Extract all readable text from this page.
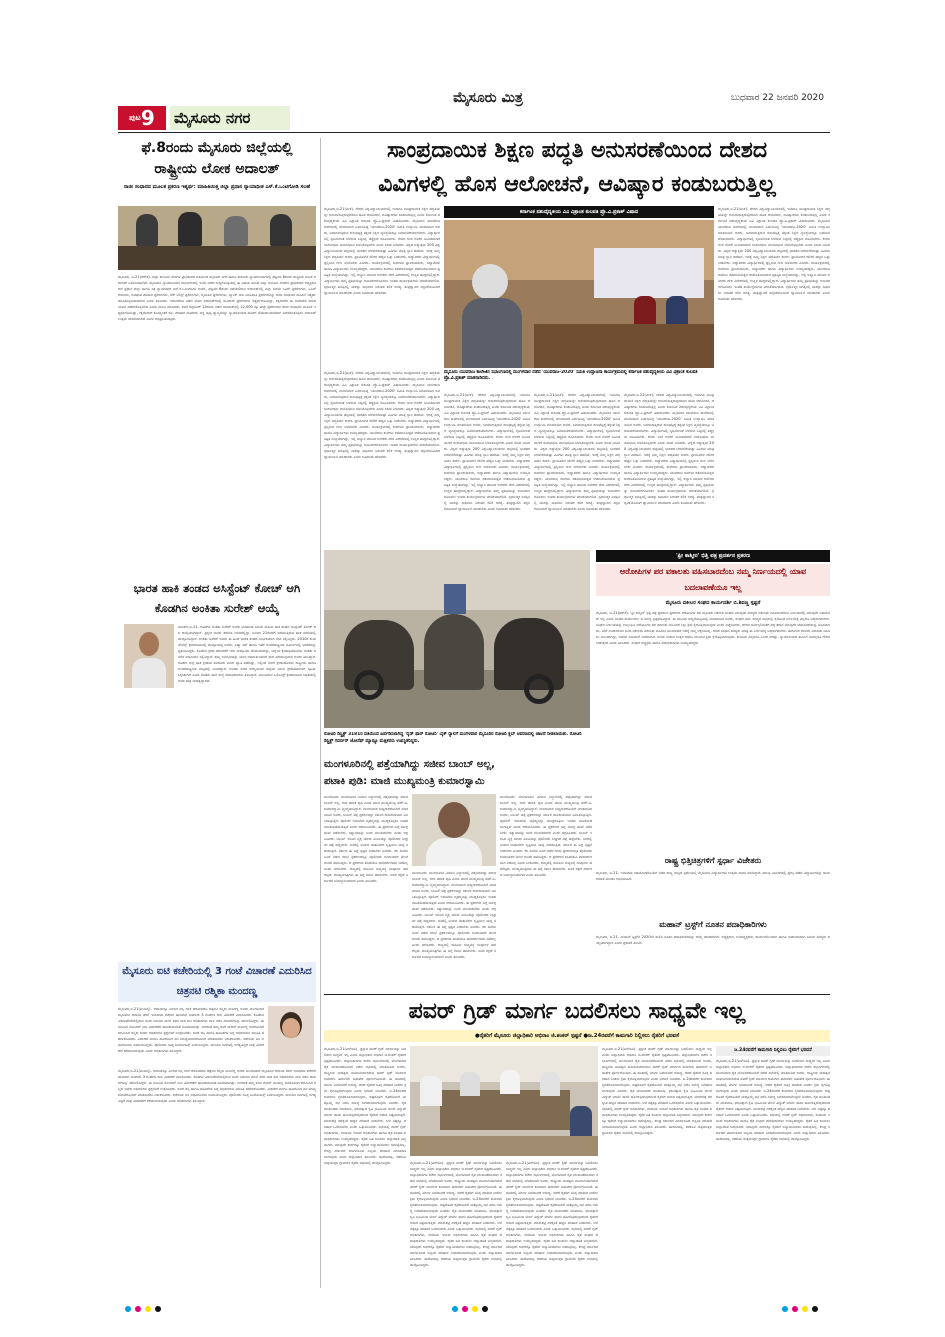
$^{ಪುಟ}$9	ಮೈಸೂರು ನಗರ
ಮೈಸೂರು ಮಿತ್ರ	ಬುಧವಾರ 22 ಜನವರಿ 2020
ಫೆ.8ರಂದು ಮೈಸೂರು ಜಿಲ್ಲೆಯಲ್ಲಿ ರಾಷ್ಟ್ರೀಯ ಲೋಕ ಅದಾಲತ್
ರಾಜೀ ಸಂಧಾನದ ಮೂಲಕ ಪ್ರಕರಣ ಇತ್ಯರ್ಥ: ಮಾಹಿತಿಯಿತ್ತ ಜಿಲ್ಲಾ ಪ್ರಧಾನ ನ್ಯಾಯಾಧೀಶ ಎಸ್.ಕೆ.ಒಂಟಿಗೋಡಿ ಸಲಹೆ
ಮೈಸೂರು, ಜ.21(ಆರ್‌ಕೆ)- ಜಿಲ್ಲಾ ಕಾನೂನು ಸೇವೆಗಳ ಪ್ರಾಧಿಕಾರದ ವತಿಯಿಂದ ಮೈಸೂರು ನಗರ ಹಾಗೂ ತಾಲೂಕು ನ್ಯಾಯಾಲಯಗಳಲ್ಲಿ ಫೆಬ್ರವರಿ 8ರಂದು ರಾಷ್ಟ್ರೀಯ ಲೋಕ ಅದಾಲತ್ ಏರ್ಪಡಿಸಲಾಗಿದೆ. ಮೈಸೂರಿನ ನ್ಯಾಯಾಲಯದ ಸಭಾಂಗಣದಲ್ಲಿ ಇಂದು ನಡೆದ ಸುದ್ದಿಗೋಷ್ಠಿಯಲ್ಲಿ ಈ ವಿಷಯ ತಿಳಿಸಿದ ಜಿಲ್ಲಾ ಕಾನೂನು ಸೇವೆಗಳ ಪ್ರಾಧಿಕಾರದ ಅಧ್ಯಕ್ಷರೂ ಆದ ಪ್ರಧಾನ ಜಿಲ್ಲಾ ಹಾಗೂ ಸತ್ರ ನ್ಯಾಯಾಧೀಶ ಎಸ್.ಕೆ.ಒಂಟಿಗೋಡಿ ಅವರು, ಫೆಬ್ರವರಿ 8ರಂದು ನಡೆಯಲಿರುವ ಅದಾಲತ್‌ನಲ್ಲಿ ಎಲ್ಲಾ ಬಗೆಯ ಸಿವಿಲ್ ಪ್ರಕರಣಗಳು, ಸಿವಿಲ್ ಕೇಸುಗಳು, ಅಪಘಾತ ಪರಿಹಾರ ಪ್ರಕರಣಗಳು, ಚೆಕ್ ಬೌನ್ಸ್ ಪ್ರಕರಣಗಳು, ವೈವಾಹಿಕ ಪ್ರಕರಣಗಳು, ಬ್ಯಾಂಕ್ ಸಾಲ ವಸೂಲಾತಿ ಪ್ರಕರಣಗಳನ್ನು ರಾಜೀ ಸಂಧಾನದ ಮೂಲಕ ಇತ್ಯರ್ಥಪಡಿಸಿಕೊಳ್ಳಬಹುದಾಗಿದೆ ಎಂದು ತಿಳಿಸಿದರು. ಇದುವರೆಗೂ ನಡೆದ ಲೋಕ ಅದಾಲತ್‌ಗಳಲ್ಲಿ ಸಾವಿರಾರು ಪ್ರಕರಣಗಳು ಇತ್ಯರ್ಥಗೊಂಡಿದ್ದು, ಕಕ್ಷಿದಾರರು ಈ ಅವಕಾಶದ ಸದುಪಯೋಗ ಪಡೆದುಕೊಳ್ಳಬೇಕು ಎಂದು ಮನವಿ ಮಾಡಿದರು. ಕಳೆದ ಸೆಪ್ಟೆಂಬರ್ 14ರಂದು ನಡೆದ ಅದಾಲತ್‌ನಲ್ಲಿ 12,000 ಕ್ಕೂ ಹೆಚ್ಚು ಪ್ರಕರಣಗಳು ರಾಜೀ ಸಂಧಾನದ ಮೂಲಕ ಇತ್ಯರ್ಥಗೊಂಡಿದ್ದು, ಕಕ್ಷಿದಾರರಿಗೆ ಕೋಟ್ಯಂತರ ರೂ. ಪರಿಹಾರ ದೊರಕಿದೆ. ಸಣ್ಣ ಪುಟ್ಟ ವ್ಯಾಜ್ಯಗಳನ್ನು ನ್ಯಾಯಾಲಯದ ಹೊರಗೆ ಸೌಹಾರ್ದಯುತವಾಗಿ ಬಗೆಹರಿಸಿಕೊಳ್ಳಲು ಅದಾಲತ್ ಉತ್ತಮ ವೇದಿಕೆಯಾಗಿದೆ ಎಂದು ಅಭಿಪ್ರಾಯಪಟ್ಟರು.
ಭಾರತ ಹಾಕಿ ತಂಡದ ಅಸಿಸ್ಟೆಂಟ್ ಕೋಚ್ ಆಗಿ ಕೊಡಗಿನ ಅಂಕಿತಾ ಸುರೇಶ್ ಆಯ್ಕೆ
ಮಡಿಕೇರಿ,ಜ.21- ಕೊಡಗಿನ ಅಂಕಿತಾ ಸುರೇಶ್ ಅವರು ಭಾರತೀಯ ಹಿರಿಯ ಮಹಿಳಾ ಹಾಕಿ ತಂಡದ ಅಸಿಸ್ಟೆಂಟ್ ಕೋಚ್ ಆಗಿ ಆಯ್ಕೆಯಾಗಿದ್ದಾರೆ. ಪ್ರಸ್ತುತ ಅವರು ತರಬೇತಿ ಶಿಬಿರದಲ್ಲಿದ್ದು, ಜನವರಿ 21ರವರೆಗೆ ನಡೆಯುತ್ತಿರುವ ಹಾಕಿ ಸರಣಿಯಲ್ಲಿ ಪಾಲ್ಗೊಂಡಿದ್ದಾರೆ. ಅಂಕಿತಾ ಸುರೇಶ್ ಅವರು ಈ ಹಿಂದೆ ಭಾರತ ತಂಡದ ನಾಯಕಿಯಾಗಿ ಸೇವೆ ಸಲ್ಲಿಸಿದ್ದರು. 2010ರ ಕಾಮನ್‌ವೆಲ್ತ್ ಕ್ರೀಡಾಕೂಟದಲ್ಲಿ ಪಾಲ್ಗೊಂಡಿದ್ದ ಅವರು, ಏಷ್ಯಾ ಕಪ್ ಹಾಗೂ ಇತರೆ ಅಂತರರಾಷ್ಟ್ರೀಯ ಟೂರ್ನಿಗಳಲ್ಲಿ ಭಾರತವನ್ನು ಪ್ರತಿನಿಧಿಸಿದ್ದರು. ಕೊಡಗಿನ ಕ್ರೀಡಾ ಪರಂಪರೆಗೆ ಇದು ಮತ್ತೊಂದು ಗರಿಮೆಯಾಗಿದ್ದು, ಜಿಲ್ಲೆಯ ಕ್ರೀಡಾಭಿಮಾನಿಗಳು ಅಂಕಿತಾ ಅವರಿಗೆ ಅಭಿನಂದನೆ ಸಲ್ಲಿಸಿದ್ದಾರೆ. ತಮ್ಮ ಅನುಭವವನ್ನು ಯುವ ಆಟಗಾರ್ತಿಯರಿಗೆ ಧಾರೆ ಎರೆಯುವುದಾಗಿ ಅವರು ತಿಳಿಸಿದ್ದಾರೆ. ಕೊಡಗು ಜಿಲ್ಲೆ ಹಾಕಿ ಕ್ರೀಡೆಯ ತವರೂರು ಎಂದೇ ಖ್ಯಾತಿ ಪಡೆದಿದ್ದು, ಇಲ್ಲಿಂದ ಅನೇಕ ಕ್ರೀಡಾಪಟುಗಳು ರಾಷ್ಟ್ರೀಯ ಹಾಗೂ ಅಂತರರಾಷ್ಟ್ರೀಯ ಮಟ್ಟದಲ್ಲಿ ಮಿಂಚಿದ್ದಾರೆ. ಅಂಕಿತಾ ಅವರ ಆಯ್ಕೆಯಿಂದ ಜಿಲ್ಲೆಯ ಯುವ ಕ್ರೀಡಾಪಟುಗಳಿಗೆ ಸ್ಫೂರ್ತಿ ಸಿಕ್ಕಂತಾಗಿದೆ ಎಂದು ಕೊಡಗು ಹಾಕಿ ಸಂಸ್ಥೆ ಪದಾಧಿಕಾರಿಗಳು ತಿಳಿಸಿದ್ದಾರೆ. ಮುಂಬರುವ ಒಲಿಂಪಿಕ್ಸ್ ಕ್ರೀಡಾಕೂಟದ ಸಿದ್ಧತೆಯಲ್ಲಿ ಅವರ ಪಾತ್ರ ಮಹತ್ವದ್ದಾಗಿದೆ.
ಮೈಸೂರು ಐಟಿ ಕಚೇರಿಯಲ್ಲಿ 3 ಗಂಟೆ ವಿಚಾರಣೆ ಎದುರಿಸಿದ ಚಿತ್ರನಟಿ ರಶ್ಮಿಕಾ ಮಂದಣ್ಣ
ಮೈಸೂರು,ಜ.21(ಎಂಟಿವೈ)- ಆದಾಯಕ್ಕೂ ಮೀರಿದ ಆಸ್ತಿ ಗಳಿಕೆ ಆರೋಪದಡಿ ಚಿತ್ರನಟಿ ರಶ್ಮಿಕಾ ಮಂದಣ್ಣ ಅವರು ಮಂಗಳವಾರ ಮೈಸೂರಿನ ಆದಾಯ ತೆರಿಗೆ ಇಲಾಖೆಯ ಕಚೇರಿಗೆ ಹಾಜರಾಗಿ ಸುಮಾರು 3 ಗಂಟೆಗಳ ಕಾಲ ವಿಚಾರಣೆ ಎದುರಿಸಿದರು. ಕೊಡಗಿನ ವಿರಾಜಪೇಟೆಯಲ್ಲಿರುವ ಅವರ ನಿವಾಸದ ಮೇಲೆ ಕಳೆದ ವಾರ ಐಟಿ ಅಧಿಕಾರಿಗಳು ದಾಳಿ ನಡೆಸಿ ದಾಖಲೆಗಳನ್ನು ಪರಿಶೀಲಿಸಿದ್ದರು. ಈ ಸಂಬಂಧ ನೋಟೀಸ್ ನೀಡಿ ವಿಚಾರಣೆಗೆ ಹಾಜರಾಗುವಂತೆ ಸೂಚಿಸಲಾಗಿತ್ತು. ಅದರಂತೆ ತಮ್ಮ ತಂದೆ ಮದನ್ ಮಂದಣ್ಣ ಅವರೊಂದಿಗೆ ಆಗಮಿಸಿದ ರಶ್ಮಿಕಾ ಅವರು ಅಧಿಕಾರಿಗಳ ಪ್ರಶ್ನೆಗಳಿಗೆ ಉತ್ತರಿಸಿದರು. ಅವರ ಆಸ್ತಿ ಹಾಗೂ ಹೂಡಿಕೆಗಳ ಬಗ್ಗೆ ಅಧಿಕಾರಿಗಳು ಮಾಹಿತಿ ಪಡೆದುಕೊಂಡರು. ವಿಚಾರಣೆ ಮುಗಿಸಿ ಹೊರಬಂದ ನಟಿ ಮಾಧ್ಯಮದವರೊಂದಿಗೆ ಮಾತನಾಡಲು ನಿರಾಕರಿಸಿದರು. ಕಚೇರಿಯ ಬಳಿ ಅಭಿಮಾನಿಗಳು ಜಮಾಯಿಸಿದ್ದರು. ಪೊಲೀಸರು ಸೂಕ್ತ ಬಂದೋಬಸ್ತ್ ಏರ್ಪಡಿಸಿದ್ದರು. ಮುಂದಿನ ದಿನಗಳಲ್ಲಿ ಅಗತ್ಯವಿದ್ದರೆ ಮತ್ತೆ ವಿಚಾರಣೆಗೆ ಕರೆಯಲಾಗುವುದು ಎಂದು ಅಧಿಕಾರಿಗಳು ತಿಳಿಸಿದ್ದಾರೆ.
ಮೈಸೂರು,ಜ.21(ಎಂಟಿವೈ)- ಆದಾಯಕ್ಕೂ ಮೀರಿದ ಆಸ್ತಿ ಗಳಿಕೆ ಆರೋಪದಡಿ ಚಿತ್ರನಟಿ ರಶ್ಮಿಕಾ ಮಂದಣ್ಣ ಅವರು ಮಂಗಳವಾರ ಮೈಸೂರಿನ ಆದಾಯ ತೆರಿಗೆ ಇಲಾಖೆಯ ಕಚೇರಿಗೆ ಹಾಜರಾಗಿ ಸುಮಾರು 3 ಗಂಟೆಗಳ ಕಾಲ ವಿಚಾರಣೆ ಎದುರಿಸಿದರು. ಕೊಡಗಿನ ವಿರಾಜಪೇಟೆಯಲ್ಲಿರುವ ಅವರ ನಿವಾಸದ ಮೇಲೆ ಕಳೆದ ವಾರ ಐಟಿ ಅಧಿಕಾರಿಗಳು ದಾಳಿ ನಡೆಸಿ ದಾಖಲೆಗಳನ್ನು ಪರಿಶೀಲಿಸಿದ್ದರು. ಈ ಸಂಬಂಧ ನೋಟೀಸ್ ನೀಡಿ ವಿಚಾರಣೆಗೆ ಹಾಜರಾಗುವಂತೆ ಸೂಚಿಸಲಾಗಿತ್ತು. ಅದರಂತೆ ತಮ್ಮ ತಂದೆ ಮದನ್ ಮಂದಣ್ಣ ಅವರೊಂದಿಗೆ ಆಗಮಿಸಿದ ರಶ್ಮಿಕಾ ಅವರು ಅಧಿಕಾರಿಗಳ ಪ್ರಶ್ನೆಗಳಿಗೆ ಉತ್ತರಿಸಿದರು. ಅವರ ಆಸ್ತಿ ಹಾಗೂ ಹೂಡಿಕೆಗಳ ಬಗ್ಗೆ ಅಧಿಕಾರಿಗಳು ಮಾಹಿತಿ ಪಡೆದುಕೊಂಡರು. ವಿಚಾರಣೆ ಮುಗಿಸಿ ಹೊರಬಂದ ನಟಿ ಮಾಧ್ಯಮದವರೊಂದಿಗೆ ಮಾತನಾಡಲು ನಿರಾಕರಿಸಿದರು. ಕಚೇರಿಯ ಬಳಿ ಅಭಿಮಾನಿಗಳು ಜಮಾಯಿಸಿದ್ದರು. ಪೊಲೀಸರು ಸೂಕ್ತ ಬಂದೋಬಸ್ತ್ ಏರ್ಪಡಿಸಿದ್ದರು. ಮುಂದಿನ ದಿನಗಳಲ್ಲಿ ಅಗತ್ಯವಿದ್ದರೆ ಮತ್ತೆ ವಿಚಾರಣೆಗೆ ಕರೆಯಲಾಗುವುದು ಎಂದು ಅಧಿಕಾರಿಗಳು ತಿಳಿಸಿದ್ದಾರೆ.
ಸಾಂಪ್ರದಾಯಿಕ ಶಿಕ್ಷಣ ಪದ್ಧತಿ ಅನುಸರಣೆಯಿಂದ ದೇಶದ
ವಿವಿಗಳಲ್ಲಿ ಹೊಸ ಆಲೋಚನೆ, ಆವಿಷ್ಕಾರ ಕಂಡುಬರುತ್ತಿಲ್ಲ
ಮೈಸೂರು,ಜ.21(ಎಂಕೆ)- ದೇಶದ ವಿಶ್ವವಿದ್ಯಾನಿಲಯಗಳಲ್ಲಿ ಇಂದಿಗೂ ಸಾಂಪ್ರದಾಯಿಕ ಶಿಕ್ಷಣ ಪದ್ಧತಿಯನ್ನೇ ಅನುಸರಿಸುತ್ತಿರುವುದರಿಂದ ಹೊಸ ಆಲೋಚನೆ, ಆವಿಷ್ಕಾರಗಳು ಕಂಡುಬರುತ್ತಿಲ್ಲ ಎಂದು ಕರ್ನಾಟಕ ಪಶುವೈದ್ಯಕೀಯ ವಿವಿ ವಿಶ್ರಾಂತ ಕುಲಪತಿ ಪ್ರೊ.ವಿ.ಪ್ರಕಾಶ್ ವಿಷಾದಿಸಿದರು. ಮೈಸೂರಿನ ಯುವರಾಜ ಕಾಲೇಜಿನಲ್ಲಿ ಮಂಗಳವಾರ ಏರ್ಪಡಿಸಿದ್ದ 'ಯುವರಾಜ-2020' ಸಮಿತಿ ಉದ್ಘಾಟಿಸಿ ಮಾತನಾಡಿದ ಅವರು, ಬದಲಾಗುತ್ತಿರುವ ಕಾಲಘಟ್ಟಕ್ಕೆ ತಕ್ಕಂತೆ ಶಿಕ್ಷಣ ವ್ಯವಸ್ಥೆಯಲ್ಲೂ ಬದಲಾವಣೆಯಾಗಬೇಕು. ವಿದ್ಯಾರ್ಥಿಗಳಲ್ಲಿ ಸೃಜನಶೀಲತೆ ಬೆಳೆಸುವ ನಿಟ್ಟಿನಲ್ಲಿ ಪಠ್ಯಕ್ರಮ ರೂಪಿಸಬೇಕು. ಕೇವಲ ಅಂಕ ಗಳಿಕೆಗೆ ಸೀಮಿತವಾಗದೆ ಸಂಶೋಧನಾ ಮನೋಭಾವ ಬೆಳೆಸಿಕೊಳ್ಳಬೇಕು ಎಂದು ಸಲಹೆ ನೀಡಿದರು. ವಿಶ್ವದ ಅತ್ಯುತ್ತಮ 200 ವಿಶ್ವವಿದ್ಯಾನಿಲಯಗಳ ಪಟ್ಟಿಯಲ್ಲಿ ಭಾರತದ ಬೆರಳೆಣಿಕೆಯಷ್ಟು ವಿವಿಗಳು ಮಾತ್ರ ಸ್ಥಾನ ಪಡೆದಿವೆ. ಇದಕ್ಕೆ ನಮ್ಮ ಶಿಕ್ಷಣ ಪದ್ಧತಿಯೇ ಕಾರಣ. ಪ್ರಾಯೋಗಿಕ ಕಲಿಕೆಗೆ ಹೆಚ್ಚಿನ ಒತ್ತು ನೀಡಬೇಕು. ಅಧ್ಯಾಪಕರು ವಿದ್ಯಾರ್ಥಿಗಳಲ್ಲಿ ಪ್ರಶ್ನಿಸುವ ಗುಣ ಬೆಳೆಸಬೇಕು ಎಂದರು. ಕಾರ್ಯಕ್ರಮದಲ್ಲಿ ಕಾಲೇಜಿನ ಪ್ರಾಂಶುಪಾಲರು, ಅಧ್ಯಾಪಕರು ಹಾಗೂ ವಿದ್ಯಾರ್ಥಿಗಳು ಉಪಸ್ಥಿತರಿದ್ದರು. ಯುವರಾಜ ಕಾಲೇಜು ಶತಮಾನೋತ್ಸವ ಆಚರಿಸಿಕೊಂಡಿರುವ ಪ್ರತಿಷ್ಠಿತ ಸಂಸ್ಥೆಯಾಗಿದ್ದು, ಇಲ್ಲಿ ಅಭ್ಯಾಸ ಮಾಡಿದ ಅನೇಕರು ದೇಶ ವಿದೇಶಗಳಲ್ಲಿ ಉನ್ನತ ಹುದ್ದೆಗಳಲ್ಲಿದ್ದಾರೆ. ವಿದ್ಯಾರ್ಥಿಗಳು ತಮ್ಮ ಪ್ರತಿಭೆಯನ್ನು ಅನಾವರಣಗೊಳಿಸಲು ಇಂತಹ ಕಾರ್ಯಕ್ರಮಗಳು ವೇದಿಕೆಯಾಗಲಿವೆ. ಸ್ಪರ್ಧಾತ್ಮಕ ಜಗತ್ತಿನಲ್ಲಿ ಯಶಸ್ಸು ಸಾಧಿಸಲು ನಿರಂತರ ಕಲಿಕೆ ಅಗತ್ಯ. ತಂತ್ರಜ್ಞಾನದ ಸದ್ಬಳಕೆಯೊಂದಿಗೆ ಜ್ಞಾನಾರ್ಜನೆ ಮಾಡಬೇಕು ಎಂದು ಕಿವಿಮಾತು ಹೇಳಿದರು.
ಕರ್ನಾಟಕ ಪಶುವೈದ್ಯಕೀಯ ವಿವಿ ವಿಶ್ರಾಂತ ಕುಲಪತಿ ಪ್ರೊ.ವಿ.ಪ್ರಕಾಶ್ ವಿಷಾದ
ಮೈಸೂರು ಯುವರಾಜ ಕಾಲೇಜಿನ ಸಭಾಂಗಣದಲ್ಲಿ ಮಂಗಳವಾರ ನಡೆದ 'ಯುವರಾಜ-2020' ಸಮಿತಿ ಉದ್ಘಾಟನಾ ಕಾರ್ಯಕ್ರಮದಲ್ಲಿ ಕರ್ನಾಟಕ ಪಶುವೈದ್ಯಕೀಯ ವಿವಿ ವಿಶ್ರಾಂತ ಕುಲಪತಿ ಪ್ರೊ.ವಿ.ಪ್ರಕಾಶ್ ಮಾತನಾಡಿದರು.
ಮೈಸೂರು,ಜ.21(ಎಂಕೆ)- ದೇಶದ ವಿಶ್ವವಿದ್ಯಾನಿಲಯಗಳಲ್ಲಿ ಇಂದಿಗೂ ಸಾಂಪ್ರದಾಯಿಕ ಶಿಕ್ಷಣ ಪದ್ಧತಿಯನ್ನೇ ಅನುಸರಿಸುತ್ತಿರುವುದರಿಂದ ಹೊಸ ಆಲೋಚನೆ, ಆವಿಷ್ಕಾರಗಳು ಕಂಡುಬರುತ್ತಿಲ್ಲ ಎಂದು ಕರ್ನಾಟಕ ಪಶುವೈದ್ಯಕೀಯ ವಿವಿ ವಿಶ್ರಾಂತ ಕುಲಪತಿ ಪ್ರೊ.ವಿ.ಪ್ರಕಾಶ್ ವಿಷಾದಿಸಿದರು. ಮೈಸೂರಿನ ಯುವರಾಜ ಕಾಲೇಜಿನಲ್ಲಿ ಮಂಗಳವಾರ ಏರ್ಪಡಿಸಿದ್ದ 'ಯುವರಾಜ-2020' ಸಮಿತಿ ಉದ್ಘಾಟಿಸಿ ಮಾತನಾಡಿದ ಅವರು, ಬದಲಾಗುತ್ತಿರುವ ಕಾಲಘಟ್ಟಕ್ಕೆ ತಕ್ಕಂತೆ ಶಿಕ್ಷಣ ವ್ಯವಸ್ಥೆಯಲ್ಲೂ ಬದಲಾವಣೆಯಾಗಬೇಕು. ವಿದ್ಯಾರ್ಥಿಗಳಲ್ಲಿ ಸೃಜನಶೀಲತೆ ಬೆಳೆಸುವ ನಿಟ್ಟಿನಲ್ಲಿ ಪಠ್ಯಕ್ರಮ ರೂಪಿಸಬೇಕು. ಕೇವಲ ಅಂಕ ಗಳಿಕೆಗೆ ಸೀಮಿತವಾಗದೆ ಸಂಶೋಧನಾ ಮನೋಭಾವ ಬೆಳೆಸಿಕೊಳ್ಳಬೇಕು ಎಂದು ಸಲಹೆ ನೀಡಿದರು. ವಿಶ್ವದ ಅತ್ಯುತ್ತಮ 200 ವಿಶ್ವವಿದ್ಯಾನಿಲಯಗಳ ಪಟ್ಟಿಯಲ್ಲಿ ಭಾರತದ ಬೆರಳೆಣಿಕೆಯಷ್ಟು ವಿವಿಗಳು ಮಾತ್ರ ಸ್ಥಾನ ಪಡೆದಿವೆ. ಇದಕ್ಕೆ ನಮ್ಮ ಶಿಕ್ಷಣ ಪದ್ಧತಿಯೇ ಕಾರಣ. ಪ್ರಾಯೋಗಿಕ ಕಲಿಕೆಗೆ ಹೆಚ್ಚಿನ ಒತ್ತು ನೀಡಬೇಕು. ಅಧ್ಯಾಪಕರು ವಿದ್ಯಾರ್ಥಿಗಳಲ್ಲಿ ಪ್ರಶ್ನಿಸುವ ಗುಣ ಬೆಳೆಸಬೇಕು ಎಂದರು. ಕಾರ್ಯಕ್ರಮದಲ್ಲಿ ಕಾಲೇಜಿನ ಪ್ರಾಂಶುಪಾಲರು, ಅಧ್ಯಾಪಕರು ಹಾಗೂ ವಿದ್ಯಾರ್ಥಿಗಳು ಉಪಸ್ಥಿತರಿದ್ದರು. ಯುವರಾಜ ಕಾಲೇಜು ಶತಮಾನೋತ್ಸವ ಆಚರಿಸಿಕೊಂಡಿರುವ ಪ್ರತಿಷ್ಠಿತ ಸಂಸ್ಥೆಯಾಗಿದ್ದು, ಇಲ್ಲಿ ಅಭ್ಯಾಸ ಮಾಡಿದ ಅನೇಕರು ದೇಶ ವಿದೇಶಗಳಲ್ಲಿ ಉನ್ನತ ಹುದ್ದೆಗಳಲ್ಲಿದ್ದಾರೆ. ವಿದ್ಯಾರ್ಥಿಗಳು ತಮ್ಮ ಪ್ರತಿಭೆಯನ್ನು ಅನಾವರಣಗೊಳಿಸಲು ಇಂತಹ ಕಾರ್ಯಕ್ರಮಗಳು ವೇದಿಕೆಯಾಗಲಿವೆ. ಸ್ಪರ್ಧಾತ್ಮಕ ಜಗತ್ತಿನಲ್ಲಿ ಯಶಸ್ಸು ಸಾಧಿಸಲು ನಿರಂತರ ಕಲಿಕೆ ಅಗತ್ಯ. ತಂತ್ರಜ್ಞಾನದ ಸದ್ಬಳಕೆಯೊಂದಿಗೆ ಜ್ಞಾನಾರ್ಜನೆ ಮಾಡಬೇಕು ಎಂದು ಕಿವಿಮಾತು ಹೇಳಿದರು.
ಮೈಸೂರು,ಜ.21(ಎಂಕೆ)- ದೇಶದ ವಿಶ್ವವಿದ್ಯಾನಿಲಯಗಳಲ್ಲಿ ಇಂದಿಗೂ ಸಾಂಪ್ರದಾಯಿಕ ಶಿಕ್ಷಣ ಪದ್ಧತಿಯನ್ನೇ ಅನುಸರಿಸುತ್ತಿರುವುದರಿಂದ ಹೊಸ ಆಲೋಚನೆ, ಆವಿಷ್ಕಾರಗಳು ಕಂಡುಬರುತ್ತಿಲ್ಲ ಎಂದು ಕರ್ನಾಟಕ ಪಶುವೈದ್ಯಕೀಯ ವಿವಿ ವಿಶ್ರಾಂತ ಕುಲಪತಿ ಪ್ರೊ.ವಿ.ಪ್ರಕಾಶ್ ವಿಷಾದಿಸಿದರು. ಮೈಸೂರಿನ ಯುವರಾಜ ಕಾಲೇಜಿನಲ್ಲಿ ಮಂಗಳವಾರ ಏರ್ಪಡಿಸಿದ್ದ 'ಯುವರಾಜ-2020' ಸಮಿತಿ ಉದ್ಘಾಟಿಸಿ ಮಾತನಾಡಿದ ಅವರು, ಬದಲಾಗುತ್ತಿರುವ ಕಾಲಘಟ್ಟಕ್ಕೆ ತಕ್ಕಂತೆ ಶಿಕ್ಷಣ ವ್ಯವಸ್ಥೆಯಲ್ಲೂ ಬದಲಾವಣೆಯಾಗಬೇಕು. ವಿದ್ಯಾರ್ಥಿಗಳಲ್ಲಿ ಸೃಜನಶೀಲತೆ ಬೆಳೆಸುವ ನಿಟ್ಟಿನಲ್ಲಿ ಪಠ್ಯಕ್ರಮ ರೂಪಿಸಬೇಕು. ಕೇವಲ ಅಂಕ ಗಳಿಕೆಗೆ ಸೀಮಿತವಾಗದೆ ಸಂಶೋಧನಾ ಮನೋಭಾವ ಬೆಳೆಸಿಕೊಳ್ಳಬೇಕು ಎಂದು ಸಲಹೆ ನೀಡಿದರು. ವಿಶ್ವದ ಅತ್ಯುತ್ತಮ 200 ವಿಶ್ವವಿದ್ಯಾನಿಲಯಗಳ ಪಟ್ಟಿಯಲ್ಲಿ ಭಾರತದ ಬೆರಳೆಣಿಕೆಯಷ್ಟು ವಿವಿಗಳು ಮಾತ್ರ ಸ್ಥಾನ ಪಡೆದಿವೆ. ಇದಕ್ಕೆ ನಮ್ಮ ಶಿಕ್ಷಣ ಪದ್ಧತಿಯೇ ಕಾರಣ. ಪ್ರಾಯೋಗಿಕ ಕಲಿಕೆಗೆ ಹೆಚ್ಚಿನ ಒತ್ತು ನೀಡಬೇಕು. ಅಧ್ಯಾಪಕರು ವಿದ್ಯಾರ್ಥಿಗಳಲ್ಲಿ ಪ್ರಶ್ನಿಸುವ ಗುಣ ಬೆಳೆಸಬೇಕು ಎಂದರು. ಕಾರ್ಯಕ್ರಮದಲ್ಲಿ ಕಾಲೇಜಿನ ಪ್ರಾಂಶುಪಾಲರು, ಅಧ್ಯಾಪಕರು ಹಾಗೂ ವಿದ್ಯಾರ್ಥಿಗಳು ಉಪಸ್ಥಿತರಿದ್ದರು. ಯುವರಾಜ ಕಾಲೇಜು ಶತಮಾನೋತ್ಸವ ಆಚರಿಸಿಕೊಂಡಿರುವ ಪ್ರತಿಷ್ಠಿತ ಸಂಸ್ಥೆಯಾಗಿದ್ದು, ಇಲ್ಲಿ ಅಭ್ಯಾಸ ಮಾಡಿದ ಅನೇಕರು ದೇಶ ವಿದೇಶಗಳಲ್ಲಿ ಉನ್ನತ ಹುದ್ದೆಗಳಲ್ಲಿದ್ದಾರೆ. ವಿದ್ಯಾರ್ಥಿಗಳು ತಮ್ಮ ಪ್ರತಿಭೆಯನ್ನು ಅನಾವರಣಗೊಳಿಸಲು ಇಂತಹ ಕಾರ್ಯಕ್ರಮಗಳು ವೇದಿಕೆಯಾಗಲಿವೆ. ಸ್ಪರ್ಧಾತ್ಮಕ ಜಗತ್ತಿನಲ್ಲಿ ಯಶಸ್ಸು ಸಾಧಿಸಲು ನಿರಂತರ ಕಲಿಕೆ ಅಗತ್ಯ. ತಂತ್ರಜ್ಞಾನದ ಸದ್ಬಳಕೆಯೊಂದಿಗೆ ಜ್ಞಾನಾರ್ಜನೆ ಮಾಡಬೇಕು ಎಂದು ಕಿವಿಮಾತು ಹೇಳಿದರು.
ಮೈಸೂರು,ಜ.21(ಎಂಕೆ)- ದೇಶದ ವಿಶ್ವವಿದ್ಯಾನಿಲಯಗಳಲ್ಲಿ ಇಂದಿಗೂ ಸಾಂಪ್ರದಾಯಿಕ ಶಿಕ್ಷಣ ಪದ್ಧತಿಯನ್ನೇ ಅನುಸರಿಸುತ್ತಿರುವುದರಿಂದ ಹೊಸ ಆಲೋಚನೆ, ಆವಿಷ್ಕಾರಗಳು ಕಂಡುಬರುತ್ತಿಲ್ಲ ಎಂದು ಕರ್ನಾಟಕ ಪಶುವೈದ್ಯಕೀಯ ವಿವಿ ವಿಶ್ರಾಂತ ಕುಲಪತಿ ಪ್ರೊ.ವಿ.ಪ್ರಕಾಶ್ ವಿಷಾದಿಸಿದರು. ಮೈಸೂರಿನ ಯುವರಾಜ ಕಾಲೇಜಿನಲ್ಲಿ ಮಂಗಳವಾರ ಏರ್ಪಡಿಸಿದ್ದ 'ಯುವರಾಜ-2020' ಸಮಿತಿ ಉದ್ಘಾಟಿಸಿ ಮಾತನಾಡಿದ ಅವರು, ಬದಲಾಗುತ್ತಿರುವ ಕಾಲಘಟ್ಟಕ್ಕೆ ತಕ್ಕಂತೆ ಶಿಕ್ಷಣ ವ್ಯವಸ್ಥೆಯಲ್ಲೂ ಬದಲಾವಣೆಯಾಗಬೇಕು. ವಿದ್ಯಾರ್ಥಿಗಳಲ್ಲಿ ಸೃಜನಶೀಲತೆ ಬೆಳೆಸುವ ನಿಟ್ಟಿನಲ್ಲಿ ಪಠ್ಯಕ್ರಮ ರೂಪಿಸಬೇಕು. ಕೇವಲ ಅಂಕ ಗಳಿಕೆಗೆ ಸೀಮಿತವಾಗದೆ ಸಂಶೋಧನಾ ಮನೋಭಾವ ಬೆಳೆಸಿಕೊಳ್ಳಬೇಕು ಎಂದು ಸಲಹೆ ನೀಡಿದರು. ವಿಶ್ವದ ಅತ್ಯುತ್ತಮ 200 ವಿಶ್ವವಿದ್ಯಾನಿಲಯಗಳ ಪಟ್ಟಿಯಲ್ಲಿ ಭಾರತದ ಬೆರಳೆಣಿಕೆಯಷ್ಟು ವಿವಿಗಳು ಮಾತ್ರ ಸ್ಥಾನ ಪಡೆದಿವೆ. ಇದಕ್ಕೆ ನಮ್ಮ ಶಿಕ್ಷಣ ಪದ್ಧತಿಯೇ ಕಾರಣ. ಪ್ರಾಯೋಗಿಕ ಕಲಿಕೆಗೆ ಹೆಚ್ಚಿನ ಒತ್ತು ನೀಡಬೇಕು. ಅಧ್ಯಾಪಕರು ವಿದ್ಯಾರ್ಥಿಗಳಲ್ಲಿ ಪ್ರಶ್ನಿಸುವ ಗುಣ ಬೆಳೆಸಬೇಕು ಎಂದರು. ಕಾರ್ಯಕ್ರಮದಲ್ಲಿ ಕಾಲೇಜಿನ ಪ್ರಾಂಶುಪಾಲರು, ಅಧ್ಯಾಪಕರು ಹಾಗೂ ವಿದ್ಯಾರ್ಥಿಗಳು ಉಪಸ್ಥಿತರಿದ್ದರು. ಯುವರಾಜ ಕಾಲೇಜು ಶತಮಾನೋತ್ಸವ ಆಚರಿಸಿಕೊಂಡಿರುವ ಪ್ರತಿಷ್ಠಿತ ಸಂಸ್ಥೆಯಾಗಿದ್ದು, ಇಲ್ಲಿ ಅಭ್ಯಾಸ ಮಾಡಿದ ಅನೇಕರು ದೇಶ ವಿದೇಶಗಳಲ್ಲಿ ಉನ್ನತ ಹುದ್ದೆಗಳಲ್ಲಿದ್ದಾರೆ. ವಿದ್ಯಾರ್ಥಿಗಳು ತಮ್ಮ ಪ್ರತಿಭೆಯನ್ನು ಅನಾವರಣಗೊಳಿಸಲು ಇಂತಹ ಕಾರ್ಯಕ್ರಮಗಳು ವೇದಿಕೆಯಾಗಲಿವೆ. ಸ್ಪರ್ಧಾತ್ಮಕ ಜಗತ್ತಿನಲ್ಲಿ ಯಶಸ್ಸು ಸಾಧಿಸಲು ನಿರಂತರ ಕಲಿಕೆ ಅಗತ್ಯ. ತಂತ್ರಜ್ಞಾನದ ಸದ್ಬಳಕೆಯೊಂದಿಗೆ ಜ್ಞಾನಾರ್ಜನೆ ಮಾಡಬೇಕು ಎಂದು ಕಿವಿಮಾತು ಹೇಳಿದರು.
ಮೈಸೂರು,ಜ.21(ಎಂಕೆ)- ದೇಶದ ವಿಶ್ವವಿದ್ಯಾನಿಲಯಗಳಲ್ಲಿ ಇಂದಿಗೂ ಸಾಂಪ್ರದಾಯಿಕ ಶಿಕ್ಷಣ ಪದ್ಧತಿಯನ್ನೇ ಅನುಸರಿಸುತ್ತಿರುವುದರಿಂದ ಹೊಸ ಆಲೋಚನೆ, ಆವಿಷ್ಕಾರಗಳು ಕಂಡುಬರುತ್ತಿಲ್ಲ ಎಂದು ಕರ್ನಾಟಕ ಪಶುವೈದ್ಯಕೀಯ ವಿವಿ ವಿಶ್ರಾಂತ ಕುಲಪತಿ ಪ್ರೊ.ವಿ.ಪ್ರಕಾಶ್ ವಿಷಾದಿಸಿದರು. ಮೈಸೂರಿನ ಯುವರಾಜ ಕಾಲೇಜಿನಲ್ಲಿ ಮಂಗಳವಾರ ಏರ್ಪಡಿಸಿದ್ದ 'ಯುವರಾಜ-2020' ಸಮಿತಿ ಉದ್ಘಾಟಿಸಿ ಮಾತನಾಡಿದ ಅವರು, ಬದಲಾಗುತ್ತಿರುವ ಕಾಲಘಟ್ಟಕ್ಕೆ ತಕ್ಕಂತೆ ಶಿಕ್ಷಣ ವ್ಯವಸ್ಥೆಯಲ್ಲೂ ಬದಲಾವಣೆಯಾಗಬೇಕು. ವಿದ್ಯಾರ್ಥಿಗಳಲ್ಲಿ ಸೃಜನಶೀಲತೆ ಬೆಳೆಸುವ ನಿಟ್ಟಿನಲ್ಲಿ ಪಠ್ಯಕ್ರಮ ರೂಪಿಸಬೇಕು. ಕೇವಲ ಅಂಕ ಗಳಿಕೆಗೆ ಸೀಮಿತವಾಗದೆ ಸಂಶೋಧನಾ ಮನೋಭಾವ ಬೆಳೆಸಿಕೊಳ್ಳಬೇಕು ಎಂದು ಸಲಹೆ ನೀಡಿದರು. ವಿಶ್ವದ ಅತ್ಯುತ್ತಮ 200 ವಿಶ್ವವಿದ್ಯಾನಿಲಯಗಳ ಪಟ್ಟಿಯಲ್ಲಿ ಭಾರತದ ಬೆರಳೆಣಿಕೆಯಷ್ಟು ವಿವಿಗಳು ಮಾತ್ರ ಸ್ಥಾನ ಪಡೆದಿವೆ. ಇದಕ್ಕೆ ನಮ್ಮ ಶಿಕ್ಷಣ ಪದ್ಧತಿಯೇ ಕಾರಣ. ಪ್ರಾಯೋಗಿಕ ಕಲಿಕೆಗೆ ಹೆಚ್ಚಿನ ಒತ್ತು ನೀಡಬೇಕು. ಅಧ್ಯಾಪಕರು ವಿದ್ಯಾರ್ಥಿಗಳಲ್ಲಿ ಪ್ರಶ್ನಿಸುವ ಗುಣ ಬೆಳೆಸಬೇಕು ಎಂದರು. ಕಾರ್ಯಕ್ರಮದಲ್ಲಿ ಕಾಲೇಜಿನ ಪ್ರಾಂಶುಪಾಲರು, ಅಧ್ಯಾಪಕರು ಹಾಗೂ ವಿದ್ಯಾರ್ಥಿಗಳು ಉಪಸ್ಥಿತರಿದ್ದರು. ಯುವರಾಜ ಕಾಲೇಜು ಶತಮಾನೋತ್ಸವ ಆಚರಿಸಿಕೊಂಡಿರುವ ಪ್ರತಿಷ್ಠಿತ ಸಂಸ್ಥೆಯಾಗಿದ್ದು, ಇಲ್ಲಿ ಅಭ್ಯಾಸ ಮಾಡಿದ ಅನೇಕರು ದೇಶ ವಿದೇಶಗಳಲ್ಲಿ ಉನ್ನತ ಹುದ್ದೆಗಳಲ್ಲಿದ್ದಾರೆ. ವಿದ್ಯಾರ್ಥಿಗಳು ತಮ್ಮ ಪ್ರತಿಭೆಯನ್ನು ಅನಾವರಣಗೊಳಿಸಲು ಇಂತಹ ಕಾರ್ಯಕ್ರಮಗಳು ವೇದಿಕೆಯಾಗಲಿವೆ. ಸ್ಪರ್ಧಾತ್ಮಕ ಜಗತ್ತಿನಲ್ಲಿ ಯಶಸ್ಸು ಸಾಧಿಸಲು ನಿರಂತರ ಕಲಿಕೆ ಅಗತ್ಯ. ತಂತ್ರಜ್ಞಾನದ ಸದ್ಬಳಕೆಯೊಂದಿಗೆ ಜ್ಞಾನಾರ್ಜನೆ ಮಾಡಬೇಕು ಎಂದು ಕಿವಿಮಾತು ಹೇಳಿದರು.
ಮೈಸೂರು,ಜ.21(ಎಂಕೆ)- ದೇಶದ ವಿಶ್ವವಿದ್ಯಾನಿಲಯಗಳಲ್ಲಿ ಇಂದಿಗೂ ಸಾಂಪ್ರದಾಯಿಕ ಶಿಕ್ಷಣ ಪದ್ಧತಿಯನ್ನೇ ಅನುಸರಿಸುತ್ತಿರುವುದರಿಂದ ಹೊಸ ಆಲೋಚನೆ, ಆವಿಷ್ಕಾರಗಳು ಕಂಡುಬರುತ್ತಿಲ್ಲ ಎಂದು ಕರ್ನಾಟಕ ಪಶುವೈದ್ಯಕೀಯ ವಿವಿ ವಿಶ್ರಾಂತ ಕುಲಪತಿ ಪ್ರೊ.ವಿ.ಪ್ರಕಾಶ್ ವಿಷಾದಿಸಿದರು. ಮೈಸೂರಿನ ಯುವರಾಜ ಕಾಲೇಜಿನಲ್ಲಿ ಮಂಗಳವಾರ ಏರ್ಪಡಿಸಿದ್ದ 'ಯುವರಾಜ-2020' ಸಮಿತಿ ಉದ್ಘಾಟಿಸಿ ಮಾತನಾಡಿದ ಅವರು, ಬದಲಾಗುತ್ತಿರುವ ಕಾಲಘಟ್ಟಕ್ಕೆ ತಕ್ಕಂತೆ ಶಿಕ್ಷಣ ವ್ಯವಸ್ಥೆಯಲ್ಲೂ ಬದಲಾವಣೆಯಾಗಬೇಕು. ವಿದ್ಯಾರ್ಥಿಗಳಲ್ಲಿ ಸೃಜನಶೀಲತೆ ಬೆಳೆಸುವ ನಿಟ್ಟಿನಲ್ಲಿ ಪಠ್ಯಕ್ರಮ ರೂಪಿಸಬೇಕು. ಕೇವಲ ಅಂಕ ಗಳಿಕೆಗೆ ಸೀಮಿತವಾಗದೆ ಸಂಶೋಧನಾ ಮನೋಭಾವ ಬೆಳೆಸಿಕೊಳ್ಳಬೇಕು ಎಂದು ಸಲಹೆ ನೀಡಿದರು. ವಿಶ್ವದ ಅತ್ಯುತ್ತಮ 200 ವಿಶ್ವವಿದ್ಯಾನಿಲಯಗಳ ಪಟ್ಟಿಯಲ್ಲಿ ಭಾರತದ ಬೆರಳೆಣಿಕೆಯಷ್ಟು ವಿವಿಗಳು ಮಾತ್ರ ಸ್ಥಾನ ಪಡೆದಿವೆ. ಇದಕ್ಕೆ ನಮ್ಮ ಶಿಕ್ಷಣ ಪದ್ಧತಿಯೇ ಕಾರಣ. ಪ್ರಾಯೋಗಿಕ ಕಲಿಕೆಗೆ ಹೆಚ್ಚಿನ ಒತ್ತು ನೀಡಬೇಕು. ಅಧ್ಯಾಪಕರು ವಿದ್ಯಾರ್ಥಿಗಳಲ್ಲಿ ಪ್ರಶ್ನಿಸುವ ಗುಣ ಬೆಳೆಸಬೇಕು ಎಂದರು. ಕಾರ್ಯಕ್ರಮದಲ್ಲಿ ಕಾಲೇಜಿನ ಪ್ರಾಂಶುಪಾಲರು, ಅಧ್ಯಾಪಕರು ಹಾಗೂ ವಿದ್ಯಾರ್ಥಿಗಳು ಉಪಸ್ಥಿತರಿದ್ದರು. ಯುವರಾಜ ಕಾಲೇಜು ಶತಮಾನೋತ್ಸವ ಆಚರಿಸಿಕೊಂಡಿರುವ ಪ್ರತಿಷ್ಠಿತ ಸಂಸ್ಥೆಯಾಗಿದ್ದು, ಇಲ್ಲಿ ಅಭ್ಯಾಸ ಮಾಡಿದ ಅನೇಕರು ದೇಶ ವಿದೇಶಗಳಲ್ಲಿ ಉನ್ನತ ಹುದ್ದೆಗಳಲ್ಲಿದ್ದಾರೆ. ವಿದ್ಯಾರ್ಥಿಗಳು ತಮ್ಮ ಪ್ರತಿಭೆಯನ್ನು ಅನಾವರಣಗೊಳಿಸಲು ಇಂತಹ ಕಾರ್ಯಕ್ರಮಗಳು ವೇದಿಕೆಯಾಗಲಿವೆ. ಸ್ಪರ್ಧಾತ್ಮಕ ಜಗತ್ತಿನಲ್ಲಿ ಯಶಸ್ಸು ಸಾಧಿಸಲು ನಿರಂತರ ಕಲಿಕೆ ಅಗತ್ಯ. ತಂತ್ರಜ್ಞಾನದ ಸದ್ಬಳಕೆಯೊಂದಿಗೆ ಜ್ಞಾನಾರ್ಜನೆ ಮಾಡಬೇಕು ಎಂದು ಕಿವಿಮಾತು ಹೇಳಿದರು.
ರೋಟರಿ ಡಿಸ್ಟ್ರಿಕ್ಟ್ 3181ರ ವತಿಯಿಂದ ಏರ್ಪಡಿಸಲಾಗಿದ್ದ 'ರೈಡ್ ಫಾರ್ ರೋಟರಿ' ಬೈಕ್ ರ‍್ಯಾಲಿಗೆ ಮಂಗಳವಾರ ಮೈಸೂರಿನ ರೋಟರಿ ಕ್ಲಬ್ ಆವರಣದಲ್ಲಿ ಚಾಲನೆ ನೀಡಲಾಯಿತು. ರೋಟರಿ ಡಿಸ್ಟ್ರಿಕ್ಟ್ ಗವರ್ನರ್ ಜೋಸೆಫ್ ಮ್ಯಾಥ್ಯೂ ಮತ್ತಿತರರು ಉಪಸ್ಥಿತರಿದ್ದರು.
'ಫ್ರೀ ಕಾಶ್ಮೀರ' ಭಿತ್ತಿ ಪತ್ರ ಪ್ರದರ್ಶನ ಪ್ರಕರಣ
ಆರೋಪಿಗಳ ಪರ ವಕಾಲತು ವಹಿಸಬಾರದೆಂಬ ನಮ್ಮ ನಿರ್ಣಯದಲ್ಲಿ ಯಾವ ಬದಲಾವಣೆಯೂ ಇಲ್ಲ
ಮೈಸೂರು ವಕೀಲರ ಸಂಘದ ಕಾರ್ಯದರ್ಶಿ ಬಿ.ಶಿವಣ್ಣ ಸ್ಪಷ್ಟನೆ
ಮೈಸೂರು, ಜ.21(ಆರ್‌ಕೆ)- 'ಫ್ರೀ ಕಾಶ್ಮೀರ' ಭಿತ್ತಿ ಪತ್ರ ಪ್ರದರ್ಶನ ಪ್ರಕರಣದ ಆರೋಪಿಗಳ ಪರ ಮೈಸೂರು ವಕೀಲರ ಸಂಘದ ಯಾವುದೇ ಸದಸ್ಯರು ವಕಾಲತು ವಹಿಸಬಾರದೆಂಬ ನಿರ್ಣಯದಲ್ಲಿ ಯಾವುದೇ ಬದಲಾವಣೆ ಇಲ್ಲ ಎಂದು ಸಂಘದ ಕಾರ್ಯದರ್ಶಿ ಬಿ.ಶಿವಣ್ಣ ಸ್ಪಷ್ಟಪಡಿಸಿದ್ದಾರೆ. ಈ ಸಂಬಂಧ ಸುದ್ದಿಗೋಷ್ಠಿಯಲ್ಲಿ ಮಾತನಾಡಿದ ಅವರು, ಸಂಘದ ಸರ್ವ ಸದಸ್ಯರ ಸಭೆಯಲ್ಲಿ ಕೈಗೊಂಡ ನಿರ್ಣಯಕ್ಕೆ ಎಲ್ಲರೂ ಬದ್ಧರಾಗಿರಬೇಕು. ಸಂಘದ ನಿರ್ಣಯವನ್ನು ಉಲ್ಲಂಘಿಸಿ ಆರೋಪಿಗಳ ಪರ ವಕಾಲತು ವಹಿಸಿದರೆ ಶಿಸ್ತು ಕ್ರಮ ಕೈಗೊಳ್ಳಲಾಗುವುದು ಎಂದು ಎಚ್ಚರಿಸಿದರು. ದೇಶದ ಸಾರ್ವಭೌಮತೆಗೆ ಧಕ್ಕೆ ತರುವ ಯಾವುದೇ ಚಟುವಟಿಕೆಯನ್ನು ಸಹಿಸಲಾಗದು. ಬೇರೆ ಊರುಗಳಿಂದ ಬಂದ ವಕೀಲರು ವಕಾಲತು ವಹಿಸಲು ಮುಂದಾದರೆ ಅದಕ್ಕೆ ನಮ್ಮ ಆಕ್ಷೇಪವಿಲ್ಲ. ಆದರೆ ಸಂಘದ ಸದಸ್ಯರು ಮಾತ್ರ ಈ ನಿರ್ಣಯಕ್ಕೆ ಬದ್ಧರಾಗಿರಬೇಕು. ಈಗಾಗಲೇ ಕೆಲವರು ವಕಾಲತು ವಹಿಸಲು ಮುಂದಾಗಿದ್ದು, ಅವರಿಗೆ ನೋಟೀಸ್ ನೀಡಲಾಗಿದೆ. ಅವರು ನೀಡುವ ಉತ್ತರ ಆಧರಿಸಿ ಮುಂದಿನ ಕ್ರಮ ಕೈಗೊಳ್ಳಲಾಗುವುದು. ಕಾನೂನು ಎಲ್ಲರಿಗೂ ಒಂದೇ ಆಗಿದ್ದು, ನ್ಯಾಯಾಲಯದ ತೀರ್ಪಿಗೆ ನಾವೆಲ್ಲರೂ ಗೌರವ ನೀಡುತ್ತೇವೆ ಎಂದು ತಿಳಿಸಿದರು. ಸಂಘದ ಅಧ್ಯಕ್ಷರು ಹಾಗೂ ಪದಾಧಿಕಾರಿಗಳು ಉಪಸ್ಥಿತರಿದ್ದರು.
ರಾಷ್ಟ್ರ ಭಿತ್ತಿಚಿತ್ರಗಳಿಗೆ ಸ್ಪರ್ಧಾ ವಿಜೇತರು
ಮೈಸೂರು, ಜ.21- ಇಲಾಖೆಯ ಸಹಯೋಗದೊಂದಿಗೆ ನಡೆದ ರಾಜ್ಯ ಮಟ್ಟದ ಸ್ಪರ್ಧೆಯಲ್ಲಿ ಮೈಸೂರಿನ ವಿದ್ಯಾರ್ಥಿಗಳು ಉತ್ತಮ ಸಾಧನೆ ಮಾಡಿದ್ದಾರೆ. ಹಲವು ವಿಭಾಗಗಳಲ್ಲಿ ಪ್ರಶಸ್ತಿ ಪಡೆದ ವಿದ್ಯಾರ್ಥಿಗಳನ್ನು ಶಾಲಾ ಆಡಳಿತ ಮಂಡಳಿ ಅಭಿನಂದಿಸಿದೆ.
ಮಹಾನ್ ಟ್ರಸ್ಟ್‌ಗೆ ನೂತನ ಪದಾಧಿಕಾರಿಗಳು
ಮೈಸೂರು, ಜ.21- ಮಹಾನ್ ಟ್ರಸ್ಟ್‌ನ 2020ನೇ ಸಾಲಿನ ನೂತನ ಪದಾಧಿಕಾರಿಗಳನ್ನು ಆಯ್ಕೆ ಮಾಡಲಾಗಿದೆ. ಅಧ್ಯಕ್ಷರಾಗಿ, ಉಪಾಧ್ಯಕ್ಷರಾಗಿ, ಕಾರ್ಯದರ್ಶಿಯಾಗಿ ಹಾಗೂ ಖಜಾಂಚಿಯಾಗಿ ಹಿರಿಯ ಸದಸ್ಯರು ಆಯ್ಕೆಯಾಗಿದ್ದಾರೆ ಎಂದು ಪ್ರಕಟಣೆ ತಿಳಿಸಿದೆ.
ಮಂಗಳೂರಿನಲ್ಲಿ ಪತ್ತೆಯಾಗಿದ್ದು ಸಜೀವ ಬಾಂಬ್ ಅಲ್ಲ,
ಪಟಾಕಿ ಪುಡಿ: ಮಾಜಿ ಮುಖ್ಯಮಂತ್ರಿ ಕುಮಾರಸ್ವಾಮಿ
ಮಂಗಳೂರು: ಮಂಗಳೂರಿನ ವಿಮಾನ ನಿಲ್ದಾಣದಲ್ಲಿ ಪತ್ತೆಯಾಗಿದ್ದು ಸಜೀವ ಬಾಂಬ್ ಅಲ್ಲ, ಅದು ಪಟಾಕಿ ಪುಡಿ ಎಂದು ಮಾಜಿ ಮುಖ್ಯಮಂತ್ರಿ ಹೆಚ್.ಡಿ.ಕುಮಾರಸ್ವಾಮಿ ವ್ಯಂಗ್ಯವಾಡಿದ್ದಾರೆ. ಮಂಗಳವಾರ ಸುದ್ದಿಗಾರರೊಂದಿಗೆ ಮಾತನಾಡಿದ ಅವರು, ಬಾಂಬ್ ಪತ್ತೆ ಪ್ರಕರಣವನ್ನು ಸರ್ಕಾರ ರಾಜಕೀಯವಾಗಿ ಬಳಸಿಕೊಳ್ಳುತ್ತಿದೆ. ಪೊಲೀಸ್ ಇಲಾಖೆಯ ವೈಫಲ್ಯವನ್ನು ಮುಚ್ಚಿಕೊಳ್ಳಲು ಇಂತಹ ನಾಟಕವಾಡಲಾಗುತ್ತಿದೆ ಎಂದು ಆರೋಪಿಸಿದರು. ಈ ಪ್ರಕರಣದ ಬಗ್ಗೆ ಸಮಗ್ರ ತನಿಖೆ ನಡೆಸಬೇಕು. ಸತ್ಯಾಂಶವನ್ನು ಜನರ ಮುಂದಿಡಬೇಕು ಎಂದು ಆಗ್ರಹಿಸಿದರು. ಬಾಂಬ್ ಇರಿಸಿದ ವ್ಯಕ್ತಿ ಯಾರು ಎಂಬುದನ್ನು ಪೊಲೀಸರು ಶೀಘ್ರವೇ ಪತ್ತೆ ಹಚ್ಚಬೇಕು. ಜನರಲ್ಲಿ ಭಯದ ವಾತಾವರಣ ಸೃಷ್ಟಿಸುವ ಯತ್ನ ನಡೆಯುತ್ತಿದೆ. ಸರ್ಕಾರ ಈ ಬಗ್ಗೆ ಸ್ಪಷ್ಟನೆ ನೀಡಬೇಕು ಎಂದರು. ಕೆಲ ದಿನಗಳ ಹಿಂದೆ ನಡೆದ ಗಲಭೆ ಪ್ರಕರಣದಲ್ಲೂ ಪೊಲೀಸರು ಅಮಾಯಕರ ಮೇಲೆ ಗುಂಡು ಹಾರಿಸಿದ್ದರು. ಆ ಪ್ರಕರಣದ ತನಿಖೆಯೂ ಪಾರದರ್ಶಕವಾಗಿ ನಡೆದಿಲ್ಲ ಎಂದು ಟೀಕಿಸಿದರು. ರಾಜ್ಯದಲ್ಲಿ ಕಾನೂನು ಸುವ್ಯವಸ್ಥೆ ಸಂಪೂರ್ಣ ಹದಗೆಟ್ಟಿದೆ. ಮುಖ್ಯಮಂತ್ರಿಗಳು ಈ ಬಗ್ಗೆ ಗಮನ ಹರಿಸಬೇಕು. ಜನರ ರಕ್ಷಣೆ ಸರ್ಕಾರದ ಜವಾಬ್ದಾರಿಯಾಗಿದೆ ಎಂದು ತಿಳಿಸಿದರು.
ಮಂಗಳೂರು: ಮಂಗಳೂರಿನ ವಿಮಾನ ನಿಲ್ದಾಣದಲ್ಲಿ ಪತ್ತೆಯಾಗಿದ್ದು ಸಜೀವ ಬಾಂಬ್ ಅಲ್ಲ, ಅದು ಪಟಾಕಿ ಪುಡಿ ಎಂದು ಮಾಜಿ ಮುಖ್ಯಮಂತ್ರಿ ಹೆಚ್.ಡಿ.ಕುಮಾರಸ್ವಾಮಿ ವ್ಯಂಗ್ಯವಾಡಿದ್ದಾರೆ. ಮಂಗಳವಾರ ಸುದ್ದಿಗಾರರೊಂದಿಗೆ ಮಾತನಾಡಿದ ಅವರು, ಬಾಂಬ್ ಪತ್ತೆ ಪ್ರಕರಣವನ್ನು ಸರ್ಕಾರ ರಾಜಕೀಯವಾಗಿ ಬಳಸಿಕೊಳ್ಳುತ್ತಿದೆ. ಪೊಲೀಸ್ ಇಲಾಖೆಯ ವೈಫಲ್ಯವನ್ನು ಮುಚ್ಚಿಕೊಳ್ಳಲು ಇಂತಹ ನಾಟಕವಾಡಲಾಗುತ್ತಿದೆ ಎಂದು ಆರೋಪಿಸಿದರು. ಈ ಪ್ರಕರಣದ ಬಗ್ಗೆ ಸಮಗ್ರ ತನಿಖೆ ನಡೆಸಬೇಕು. ಸತ್ಯಾಂಶವನ್ನು ಜನರ ಮುಂದಿಡಬೇಕು ಎಂದು ಆಗ್ರಹಿಸಿದರು. ಬಾಂಬ್ ಇರಿಸಿದ ವ್ಯಕ್ತಿ ಯಾರು ಎಂಬುದನ್ನು ಪೊಲೀಸರು ಶೀಘ್ರವೇ ಪತ್ತೆ ಹಚ್ಚಬೇಕು. ಜನರಲ್ಲಿ ಭಯದ ವಾತಾವರಣ ಸೃಷ್ಟಿಸುವ ಯತ್ನ ನಡೆಯುತ್ತಿದೆ. ಸರ್ಕಾರ ಈ ಬಗ್ಗೆ ಸ್ಪಷ್ಟನೆ ನೀಡಬೇಕು ಎಂದರು. ಕೆಲ ದಿನಗಳ ಹಿಂದೆ ನಡೆದ ಗಲಭೆ ಪ್ರಕರಣದಲ್ಲೂ ಪೊಲೀಸರು ಅಮಾಯಕರ ಮೇಲೆ ಗುಂಡು ಹಾರಿಸಿದ್ದರು. ಆ ಪ್ರಕರಣದ ತನಿಖೆಯೂ ಪಾರದರ್ಶಕವಾಗಿ ನಡೆದಿಲ್ಲ ಎಂದು ಟೀಕಿಸಿದರು. ರಾಜ್ಯದಲ್ಲಿ ಕಾನೂನು ಸುವ್ಯವಸ್ಥೆ ಸಂಪೂರ್ಣ ಹದಗೆಟ್ಟಿದೆ. ಮುಖ್ಯಮಂತ್ರಿಗಳು ಈ ಬಗ್ಗೆ ಗಮನ ಹರಿಸಬೇಕು. ಜನರ ರಕ್ಷಣೆ ಸರ್ಕಾರದ ಜವಾಬ್ದಾರಿಯಾಗಿದೆ ಎಂದು ತಿಳಿಸಿದರು.
ಮಂಗಳೂರು: ಮಂಗಳೂರಿನ ವಿಮಾನ ನಿಲ್ದಾಣದಲ್ಲಿ ಪತ್ತೆಯಾಗಿದ್ದು ಸಜೀವ ಬಾಂಬ್ ಅಲ್ಲ, ಅದು ಪಟಾಕಿ ಪುಡಿ ಎಂದು ಮಾಜಿ ಮುಖ್ಯಮಂತ್ರಿ ಹೆಚ್.ಡಿ.ಕುಮಾರಸ್ವಾಮಿ ವ್ಯಂಗ್ಯವಾಡಿದ್ದಾರೆ. ಮಂಗಳವಾರ ಸುದ್ದಿಗಾರರೊಂದಿಗೆ ಮಾತನಾಡಿದ ಅವರು, ಬಾಂಬ್ ಪತ್ತೆ ಪ್ರಕರಣವನ್ನು ಸರ್ಕಾರ ರಾಜಕೀಯವಾಗಿ ಬಳಸಿಕೊಳ್ಳುತ್ತಿದೆ. ಪೊಲೀಸ್ ಇಲಾಖೆಯ ವೈಫಲ್ಯವನ್ನು ಮುಚ್ಚಿಕೊಳ್ಳಲು ಇಂತಹ ನಾಟಕವಾಡಲಾಗುತ್ತಿದೆ ಎಂದು ಆರೋಪಿಸಿದರು. ಈ ಪ್ರಕರಣದ ಬಗ್ಗೆ ಸಮಗ್ರ ತನಿಖೆ ನಡೆಸಬೇಕು. ಸತ್ಯಾಂಶವನ್ನು ಜನರ ಮುಂದಿಡಬೇಕು ಎಂದು ಆಗ್ರಹಿಸಿದರು. ಬಾಂಬ್ ಇರಿಸಿದ ವ್ಯಕ್ತಿ ಯಾರು ಎಂಬುದನ್ನು ಪೊಲೀಸರು ಶೀಘ್ರವೇ ಪತ್ತೆ ಹಚ್ಚಬೇಕು. ಜನರಲ್ಲಿ ಭಯದ ವಾತಾವರಣ ಸೃಷ್ಟಿಸುವ ಯತ್ನ ನಡೆಯುತ್ತಿದೆ. ಸರ್ಕಾರ ಈ ಬಗ್ಗೆ ಸ್ಪಷ್ಟನೆ ನೀಡಬೇಕು ಎಂದರು. ಕೆಲ ದಿನಗಳ ಹಿಂದೆ ನಡೆದ ಗಲಭೆ ಪ್ರಕರಣದಲ್ಲೂ ಪೊಲೀಸರು ಅಮಾಯಕರ ಮೇಲೆ ಗುಂಡು ಹಾರಿಸಿದ್ದರು. ಆ ಪ್ರಕರಣದ ತನಿಖೆಯೂ ಪಾರದರ್ಶಕವಾಗಿ ನಡೆದಿಲ್ಲ ಎಂದು ಟೀಕಿಸಿದರು. ರಾಜ್ಯದಲ್ಲಿ ಕಾನೂನು ಸುವ್ಯವಸ್ಥೆ ಸಂಪೂರ್ಣ ಹದಗೆಟ್ಟಿದೆ. ಮುಖ್ಯಮಂತ್ರಿಗಳು ಈ ಬಗ್ಗೆ ಗಮನ ಹರಿಸಬೇಕು. ಜನರ ರಕ್ಷಣೆ ಸರ್ಕಾರದ ಜವಾಬ್ದಾರಿಯಾಗಿದೆ ಎಂದು ತಿಳಿಸಿದರು.
ಪವರ್ ಗ್ರಿಡ್ ಮಾರ್ಗ ಬದಲಿಸಲು ಸಾಧ್ಯವೇ ಇಲ್ಲ
●ರೈತರಿಗೆ ಮೈಸೂರು ಜಿಲ್ಲಾಧಿಕಾರಿ ಅಭಿರಾಂ ಜಿ.ಶಂಕರ್ ಸ್ಪಷ್ಟನೆ ●ಜ.24ರವರೆಗೆ ಕಾಮಗಾರಿ ನಿಲ್ಲಿಸಲು ರೈತರಿಗೆ ಭರವಸೆ
ಮೈಸೂರು,ಜ.21(ಎಸ್‌ಬಿಡಿ)- ಪ್ರಸ್ತುತ ಪವರ್ ಗ್ರಿಡ್ ಮಾರ್ಗವನ್ನು ಬದಲಿಸಲು ಸಾಧ್ಯವೇ ಇಲ್ಲ ಎಂದು ಜಿಲ್ಲಾಧಿಕಾರಿ ಅಭಿರಾಂ ಜಿ.ಶಂಕರ್ ರೈತರಿಗೆ ಸ್ಪಷ್ಟಪಡಿಸಿದರು. ಜಿಲ್ಲಾಧಿಕಾರಿಗಳ ಕಚೇರಿ ಸಭಾಂಗಣದಲ್ಲಿ ಮಂಗಳವಾರ ರೈತ ಮುಖಂಡರೊಂದಿಗೆ ನಡೆದ ಸಭೆಯಲ್ಲಿ ಮಾತನಾಡಿದ ಅವರು, ರಾಷ್ಟ್ರೀಯ ಮಹತ್ವದ ಯೋಜನೆಯಾಗಿರುವ ಪವರ್ ಗ್ರಿಡ್ ಮಾರ್ಗದ ಕಾಮಗಾರಿ ಈಗಾಗಲೇ ಬಹುತೇಕ ಪೂರ್ಣಗೊಂಡಿದೆ. ಈ ಹಂತದಲ್ಲಿ ಮಾರ್ಗ ಬದಲಾವಣೆ ಅಸಾಧ್ಯ. ಆದರೆ ರೈತರಿಗೆ ಸೂಕ್ತ ಪರಿಹಾರ ನೀಡಲು ಕ್ರಮ ಕೈಗೊಳ್ಳಲಾಗುವುದು ಎಂದು ಭರವಸೆ ನೀಡಿದರು. ಜ.24ರವರೆಗೆ ಕಾಮಗಾರಿ ಸ್ಥಗಿತಗೊಳಿಸಲಾಗುವುದು. ಅಷ್ಟರೊಳಗೆ ರೈತರೊಂದಿಗೆ ಮತ್ತೊಮ್ಮೆ ಸಭೆ ನಡೆಸಿ ಸಮಸ್ಯೆ ಬಗೆಹರಿಸಲಾಗುವುದು ಎಂದರು. ರೈತ ಮುಖಂಡರು ಮಾತನಾಡಿ, ಫಲವತ್ತಾದ ಕೃಷಿ ಭೂಮಿಯ ಮೇಲೆ ವಿದ್ಯುತ್ ಮಾರ್ಗ ಹಾದು ಹೋಗುತ್ತಿರುವುದರಿಂದ ರೈತರಿಗೆ ಅಪಾರ ನಷ್ಟವಾಗುತ್ತಿದೆ. ಮಾರುಕಟ್ಟೆ ದರಕ್ಕಿಂತ ಹೆಚ್ಚಿನ ಪರಿಹಾರ ನೀಡಬೇಕು. ಬೆಳೆ ನಷ್ಟಕ್ಕೂ ಪರಿಹಾರ ಒದಗಿಸಬೇಕು ಎಂದು ಒತ್ತಾಯಿಸಿದರು. ಸಭೆಯಲ್ಲಿ ಪವರ್ ಗ್ರಿಡ್ ಅಧಿಕಾರಿಗಳು, ಕಂದಾಯ ಇಲಾಖೆ ಅಧಿಕಾರಿಗಳು ಹಾಗೂ ರೈತ ಸಂಘದ ಪದಾಧಿಕಾರಿಗಳು ಉಪಸ್ಥಿತರಿದ್ದರು. ರೈತರ ಹಿತ ಕಾಯಲು ಜಿಲ್ಲಾಡಳಿತ ಬದ್ಧವಾಗಿದೆ. ಯಾವುದೇ ಕಾರಣಕ್ಕೂ ರೈತರಿಗೆ ಅನ್ಯಾಯವಾಗಲು ಬಿಡುವುದಿಲ್ಲ. ಕೇಂದ್ರ ಸರ್ಕಾರದ ಮಾರ್ಗಸೂಚಿ ಅನ್ವಯ ಪರಿಹಾರ ನಿಗದಿಪಡಿಸಲಾಗುವುದು ಎಂದು ಜಿಲ್ಲಾಧಿಕಾರಿ ತಿಳಿಸಿದರು. ಹಾರೋಹಳ್ಳಿ, ಕಡಕೊಳ ಸುತ್ತಮುತ್ತಲ ಗ್ರಾಮಗಳ ರೈತರು ಸಭೆಯಲ್ಲಿ ಪಾಲ್ಗೊಂಡಿದ್ದರು.	ಮೈಸೂರು,ಜ.21(ಎಸ್‌ಬಿಡಿ)- ಪ್ರಸ್ತುತ ಪವರ್ ಗ್ರಿಡ್ ಮಾರ್ಗವನ್ನು ಬದಲಿಸಲು ಸಾಧ್ಯವೇ ಇಲ್ಲ ಎಂದು ಜಿಲ್ಲಾಧಿಕಾರಿ ಅಭಿರಾಂ ಜಿ.ಶಂಕರ್ ರೈತರಿಗೆ ಸ್ಪಷ್ಟಪಡಿಸಿದರು. ಜಿಲ್ಲಾಧಿಕಾರಿಗಳ ಕಚೇರಿ ಸಭಾಂಗಣದಲ್ಲಿ ಮಂಗಳವಾರ ರೈತ ಮುಖಂಡರೊಂದಿಗೆ ನಡೆದ ಸಭೆಯಲ್ಲಿ ಮಾತನಾಡಿದ ಅವರು, ರಾಷ್ಟ್ರೀಯ ಮಹತ್ವದ ಯೋಜನೆಯಾಗಿರುವ ಪವರ್ ಗ್ರಿಡ್ ಮಾರ್ಗದ ಕಾಮಗಾರಿ ಈಗಾಗಲೇ ಬಹುತೇಕ ಪೂರ್ಣಗೊಂಡಿದೆ. ಈ ಹಂತದಲ್ಲಿ ಮಾರ್ಗ ಬದಲಾವಣೆ ಅಸಾಧ್ಯ. ಆದರೆ ರೈತರಿಗೆ ಸೂಕ್ತ ಪರಿಹಾರ ನೀಡಲು ಕ್ರಮ ಕೈಗೊಳ್ಳಲಾಗುವುದು ಎಂದು ಭರವಸೆ ನೀಡಿದರು. ಜ.24ರವರೆಗೆ ಕಾಮಗಾರಿ ಸ್ಥಗಿತಗೊಳಿಸಲಾಗುವುದು. ಅಷ್ಟರೊಳಗೆ ರೈತರೊಂದಿಗೆ ಮತ್ತೊಮ್ಮೆ ಸಭೆ ನಡೆಸಿ ಸಮಸ್ಯೆ ಬಗೆಹರಿಸಲಾಗುವುದು ಎಂದರು. ರೈತ ಮುಖಂಡರು ಮಾತನಾಡಿ, ಫಲವತ್ತಾದ ಕೃಷಿ ಭೂಮಿಯ ಮೇಲೆ ವಿದ್ಯುತ್ ಮಾರ್ಗ ಹಾದು ಹೋಗುತ್ತಿರುವುದರಿಂದ ರೈತರಿಗೆ ಅಪಾರ ನಷ್ಟವಾಗುತ್ತಿದೆ. ಮಾರುಕಟ್ಟೆ ದರಕ್ಕಿಂತ ಹೆಚ್ಚಿನ ಪರಿಹಾರ ನೀಡಬೇಕು. ಬೆಳೆ ನಷ್ಟಕ್ಕೂ ಪರಿಹಾರ ಒದಗಿಸಬೇಕು ಎಂದು ಒತ್ತಾಯಿಸಿದರು. ಸಭೆಯಲ್ಲಿ ಪವರ್ ಗ್ರಿಡ್ ಅಧಿಕಾರಿಗಳು, ಕಂದಾಯ ಇಲಾಖೆ ಅಧಿಕಾರಿಗಳು ಹಾಗೂ ರೈತ ಸಂಘದ ಪದಾಧಿಕಾರಿಗಳು ಉಪಸ್ಥಿತರಿದ್ದರು. ರೈತರ ಹಿತ ಕಾಯಲು ಜಿಲ್ಲಾಡಳಿತ ಬದ್ಧವಾಗಿದೆ. ಯಾವುದೇ ಕಾರಣಕ್ಕೂ ರೈತರಿಗೆ ಅನ್ಯಾಯವಾಗಲು ಬಿಡುವುದಿಲ್ಲ. ಕೇಂದ್ರ ಸರ್ಕಾರದ ಮಾರ್ಗಸೂಚಿ ಅನ್ವಯ ಪರಿಹಾರ ನಿಗದಿಪಡಿಸಲಾಗುವುದು ಎಂದು ಜಿಲ್ಲಾಧಿಕಾರಿ ತಿಳಿಸಿದರು. ಹಾರೋಹಳ್ಳಿ, ಕಡಕೊಳ ಸುತ್ತಮುತ್ತಲ ಗ್ರಾಮಗಳ ರೈತರು ಸಭೆಯಲ್ಲಿ ಪಾಲ್ಗೊಂಡಿದ್ದರು.
ಮೈಸೂರು,ಜ.21(ಎಸ್‌ಬಿಡಿ)- ಪ್ರಸ್ತುತ ಪವರ್ ಗ್ರಿಡ್ ಮಾರ್ಗವನ್ನು ಬದಲಿಸಲು ಸಾಧ್ಯವೇ ಇಲ್ಲ ಎಂದು ಜಿಲ್ಲಾಧಿಕಾರಿ ಅಭಿರಾಂ ಜಿ.ಶಂಕರ್ ರೈತರಿಗೆ ಸ್ಪಷ್ಟಪಡಿಸಿದರು. ಜಿಲ್ಲಾಧಿಕಾರಿಗಳ ಕಚೇರಿ ಸಭಾಂಗಣದಲ್ಲಿ ಮಂಗಳವಾರ ರೈತ ಮುಖಂಡರೊಂದಿಗೆ ನಡೆದ ಸಭೆಯಲ್ಲಿ ಮಾತನಾಡಿದ ಅವರು, ರಾಷ್ಟ್ರೀಯ ಮಹತ್ವದ ಯೋಜನೆಯಾಗಿರುವ ಪವರ್ ಗ್ರಿಡ್ ಮಾರ್ಗದ ಕಾಮಗಾರಿ ಈಗಾಗಲೇ ಬಹುತೇಕ ಪೂರ್ಣಗೊಂಡಿದೆ. ಈ ಹಂತದಲ್ಲಿ ಮಾರ್ಗ ಬದಲಾವಣೆ ಅಸಾಧ್ಯ. ಆದರೆ ರೈತರಿಗೆ ಸೂಕ್ತ ಪರಿಹಾರ ನೀಡಲು ಕ್ರಮ ಕೈಗೊಳ್ಳಲಾಗುವುದು ಎಂದು ಭರವಸೆ ನೀಡಿದರು. ಜ.24ರವರೆಗೆ ಕಾಮಗಾರಿ ಸ್ಥಗಿತಗೊಳಿಸಲಾಗುವುದು. ಅಷ್ಟರೊಳಗೆ ರೈತರೊಂದಿಗೆ ಮತ್ತೊಮ್ಮೆ ಸಭೆ ನಡೆಸಿ ಸಮಸ್ಯೆ ಬಗೆಹರಿಸಲಾಗುವುದು ಎಂದರು. ರೈತ ಮುಖಂಡರು ಮಾತನಾಡಿ, ಫಲವತ್ತಾದ ಕೃಷಿ ಭೂಮಿಯ ಮೇಲೆ ವಿದ್ಯುತ್ ಮಾರ್ಗ ಹಾದು ಹೋಗುತ್ತಿರುವುದರಿಂದ ರೈತರಿಗೆ ಅಪಾರ ನಷ್ಟವಾಗುತ್ತಿದೆ. ಮಾರುಕಟ್ಟೆ ದರಕ್ಕಿಂತ ಹೆಚ್ಚಿನ ಪರಿಹಾರ ನೀಡಬೇಕು. ಬೆಳೆ ನಷ್ಟಕ್ಕೂ ಪರಿಹಾರ ಒದಗಿಸಬೇಕು ಎಂದು ಒತ್ತಾಯಿಸಿದರು. ಸಭೆಯಲ್ಲಿ ಪವರ್ ಗ್ರಿಡ್ ಅಧಿಕಾರಿಗಳು, ಕಂದಾಯ ಇಲಾಖೆ ಅಧಿಕಾರಿಗಳು ಹಾಗೂ ರೈತ ಸಂಘದ ಪದಾಧಿಕಾರಿಗಳು ಉಪಸ್ಥಿತರಿದ್ದರು. ರೈತರ ಹಿತ ಕಾಯಲು ಜಿಲ್ಲಾಡಳಿತ ಬದ್ಧವಾಗಿದೆ. ಯಾವುದೇ ಕಾರಣಕ್ಕೂ ರೈತರಿಗೆ ಅನ್ಯಾಯವಾಗಲು ಬಿಡುವುದಿಲ್ಲ. ಕೇಂದ್ರ ಸರ್ಕಾರದ ಮಾರ್ಗಸೂಚಿ ಅನ್ವಯ ಪರಿಹಾರ ನಿಗದಿಪಡಿಸಲಾಗುವುದು ಎಂದು ಜಿಲ್ಲಾಧಿಕಾರಿ ತಿಳಿಸಿದರು. ಹಾರೋಹಳ್ಳಿ, ಕಡಕೊಳ ಸುತ್ತಮುತ್ತಲ ಗ್ರಾಮಗಳ ರೈತರು ಸಭೆಯಲ್ಲಿ ಪಾಲ್ಗೊಂಡಿದ್ದರು.
ಮೈಸೂರು,ಜ.21(ಎಸ್‌ಬಿಡಿ)- ಪ್ರಸ್ತುತ ಪವರ್ ಗ್ರಿಡ್ ಮಾರ್ಗವನ್ನು ಬದಲಿಸಲು ಸಾಧ್ಯವೇ ಇಲ್ಲ ಎಂದು ಜಿಲ್ಲಾಧಿಕಾರಿ ಅಭಿರಾಂ ಜಿ.ಶಂಕರ್ ರೈತರಿಗೆ ಸ್ಪಷ್ಟಪಡಿಸಿದರು. ಜಿಲ್ಲಾಧಿಕಾರಿಗಳ ಕಚೇರಿ ಸಭಾಂಗಣದಲ್ಲಿ ಮಂಗಳವಾರ ರೈತ ಮುಖಂಡರೊಂದಿಗೆ ನಡೆದ ಸಭೆಯಲ್ಲಿ ಮಾತನಾಡಿದ ಅವರು, ರಾಷ್ಟ್ರೀಯ ಮಹತ್ವದ ಯೋಜನೆಯಾಗಿರುವ ಪವರ್ ಗ್ರಿಡ್ ಮಾರ್ಗದ ಕಾಮಗಾರಿ ಈಗಾಗಲೇ ಬಹುತೇಕ ಪೂರ್ಣಗೊಂಡಿದೆ. ಈ ಹಂತದಲ್ಲಿ ಮಾರ್ಗ ಬದಲಾವಣೆ ಅಸಾಧ್ಯ. ಆದರೆ ರೈತರಿಗೆ ಸೂಕ್ತ ಪರಿಹಾರ ನೀಡಲು ಕ್ರಮ ಕೈಗೊಳ್ಳಲಾಗುವುದು ಎಂದು ಭರವಸೆ ನೀಡಿದರು. ಜ.24ರವರೆಗೆ ಕಾಮಗಾರಿ ಸ್ಥಗಿತಗೊಳಿಸಲಾಗುವುದು. ಅಷ್ಟರೊಳಗೆ ರೈತರೊಂದಿಗೆ ಮತ್ತೊಮ್ಮೆ ಸಭೆ ನಡೆಸಿ ಸಮಸ್ಯೆ ಬಗೆಹರಿಸಲಾಗುವುದು ಎಂದರು. ರೈತ ಮುಖಂಡರು ಮಾತನಾಡಿ, ಫಲವತ್ತಾದ ಕೃಷಿ ಭೂಮಿಯ ಮೇಲೆ ವಿದ್ಯುತ್ ಮಾರ್ಗ ಹಾದು ಹೋಗುತ್ತಿರುವುದರಿಂದ ರೈತರಿಗೆ ಅಪಾರ ನಷ್ಟವಾಗುತ್ತಿದೆ. ಮಾರುಕಟ್ಟೆ ದರಕ್ಕಿಂತ ಹೆಚ್ಚಿನ ಪರಿಹಾರ ನೀಡಬೇಕು. ಬೆಳೆ ನಷ್ಟಕ್ಕೂ ಪರಿಹಾರ ಒದಗಿಸಬೇಕು ಎಂದು ಒತ್ತಾಯಿಸಿದರು. ಸಭೆಯಲ್ಲಿ ಪವರ್ ಗ್ರಿಡ್ ಅಧಿಕಾರಿಗಳು, ಕಂದಾಯ ಇಲಾಖೆ ಅಧಿಕಾರಿಗಳು ಹಾಗೂ ರೈತ ಸಂಘದ ಪದಾಧಿಕಾರಿಗಳು ಉಪಸ್ಥಿತರಿದ್ದರು. ರೈತರ ಹಿತ ಕಾಯಲು ಜಿಲ್ಲಾಡಳಿತ ಬದ್ಧವಾಗಿದೆ. ಯಾವುದೇ ಕಾರಣಕ್ಕೂ ರೈತರಿಗೆ ಅನ್ಯಾಯವಾಗಲು ಬಿಡುವುದಿಲ್ಲ. ಕೇಂದ್ರ ಸರ್ಕಾರದ ಮಾರ್ಗಸೂಚಿ ಅನ್ವಯ ಪರಿಹಾರ ನಿಗದಿಪಡಿಸಲಾಗುವುದು ಎಂದು ಜಿಲ್ಲಾಧಿಕಾರಿ ತಿಳಿಸಿದರು. ಹಾರೋಹಳ್ಳಿ, ಕಡಕೊಳ ಸುತ್ತಮುತ್ತಲ ಗ್ರಾಮಗಳ ರೈತರು ಸಭೆಯಲ್ಲಿ ಪಾಲ್ಗೊಂಡಿದ್ದರು.
ಜ.24ರವರೆಗೆ ಕಾಮಗಾರಿ ನಿಲ್ಲಿಸಲು ರೈತರಿಗೆ ಭರವಸೆ
ಮೈಸೂರು,ಜ.21(ಎಸ್‌ಬಿಡಿ)- ಪ್ರಸ್ತುತ ಪವರ್ ಗ್ರಿಡ್ ಮಾರ್ಗವನ್ನು ಬದಲಿಸಲು ಸಾಧ್ಯವೇ ಇಲ್ಲ ಎಂದು ಜಿಲ್ಲಾಧಿಕಾರಿ ಅಭಿರಾಂ ಜಿ.ಶಂಕರ್ ರೈತರಿಗೆ ಸ್ಪಷ್ಟಪಡಿಸಿದರು. ಜಿಲ್ಲಾಧಿಕಾರಿಗಳ ಕಚೇರಿ ಸಭಾಂಗಣದಲ್ಲಿ ಮಂಗಳವಾರ ರೈತ ಮುಖಂಡರೊಂದಿಗೆ ನಡೆದ ಸಭೆಯಲ್ಲಿ ಮಾತನಾಡಿದ ಅವರು, ರಾಷ್ಟ್ರೀಯ ಮಹತ್ವದ ಯೋಜನೆಯಾಗಿರುವ ಪವರ್ ಗ್ರಿಡ್ ಮಾರ್ಗದ ಕಾಮಗಾರಿ ಈಗಾಗಲೇ ಬಹುತೇಕ ಪೂರ್ಣಗೊಂಡಿದೆ. ಈ ಹಂತದಲ್ಲಿ ಮಾರ್ಗ ಬದಲಾವಣೆ ಅಸಾಧ್ಯ. ಆದರೆ ರೈತರಿಗೆ ಸೂಕ್ತ ಪರಿಹಾರ ನೀಡಲು ಕ್ರಮ ಕೈಗೊಳ್ಳಲಾಗುವುದು ಎಂದು ಭರವಸೆ ನೀಡಿದರು. ಜ.24ರವರೆಗೆ ಕಾಮಗಾರಿ ಸ್ಥಗಿತಗೊಳಿಸಲಾಗುವುದು. ಅಷ್ಟರೊಳಗೆ ರೈತರೊಂದಿಗೆ ಮತ್ತೊಮ್ಮೆ ಸಭೆ ನಡೆಸಿ ಸಮಸ್ಯೆ ಬಗೆಹರಿಸಲಾಗುವುದು ಎಂದರು. ರೈತ ಮುಖಂಡರು ಮಾತನಾಡಿ, ಫಲವತ್ತಾದ ಕೃಷಿ ಭೂಮಿಯ ಮೇಲೆ ವಿದ್ಯುತ್ ಮಾರ್ಗ ಹಾದು ಹೋಗುತ್ತಿರುವುದರಿಂದ ರೈತರಿಗೆ ಅಪಾರ ನಷ್ಟವಾಗುತ್ತಿದೆ. ಮಾರುಕಟ್ಟೆ ದರಕ್ಕಿಂತ ಹೆಚ್ಚಿನ ಪರಿಹಾರ ನೀಡಬೇಕು. ಬೆಳೆ ನಷ್ಟಕ್ಕೂ ಪರಿಹಾರ ಒದಗಿಸಬೇಕು ಎಂದು ಒತ್ತಾಯಿಸಿದರು. ಸಭೆಯಲ್ಲಿ ಪವರ್ ಗ್ರಿಡ್ ಅಧಿಕಾರಿಗಳು, ಕಂದಾಯ ಇಲಾಖೆ ಅಧಿಕಾರಿಗಳು ಹಾಗೂ ರೈತ ಸಂಘದ ಪದಾಧಿಕಾರಿಗಳು ಉಪಸ್ಥಿತರಿದ್ದರು. ರೈತರ ಹಿತ ಕಾಯಲು ಜಿಲ್ಲಾಡಳಿತ ಬದ್ಧವಾಗಿದೆ. ಯಾವುದೇ ಕಾರಣಕ್ಕೂ ರೈತರಿಗೆ ಅನ್ಯಾಯವಾಗಲು ಬಿಡುವುದಿಲ್ಲ. ಕೇಂದ್ರ ಸರ್ಕಾರದ ಮಾರ್ಗಸೂಚಿ ಅನ್ವಯ ಪರಿಹಾರ ನಿಗದಿಪಡಿಸಲಾಗುವುದು ಎಂದು ಜಿಲ್ಲಾಧಿಕಾರಿ ತಿಳಿಸಿದರು. ಹಾರೋಹಳ್ಳಿ, ಕಡಕೊಳ ಸುತ್ತಮುತ್ತಲ ಗ್ರಾಮಗಳ ರೈತರು ಸಭೆಯಲ್ಲಿ ಪಾಲ್ಗೊಂಡಿದ್ದರು.
